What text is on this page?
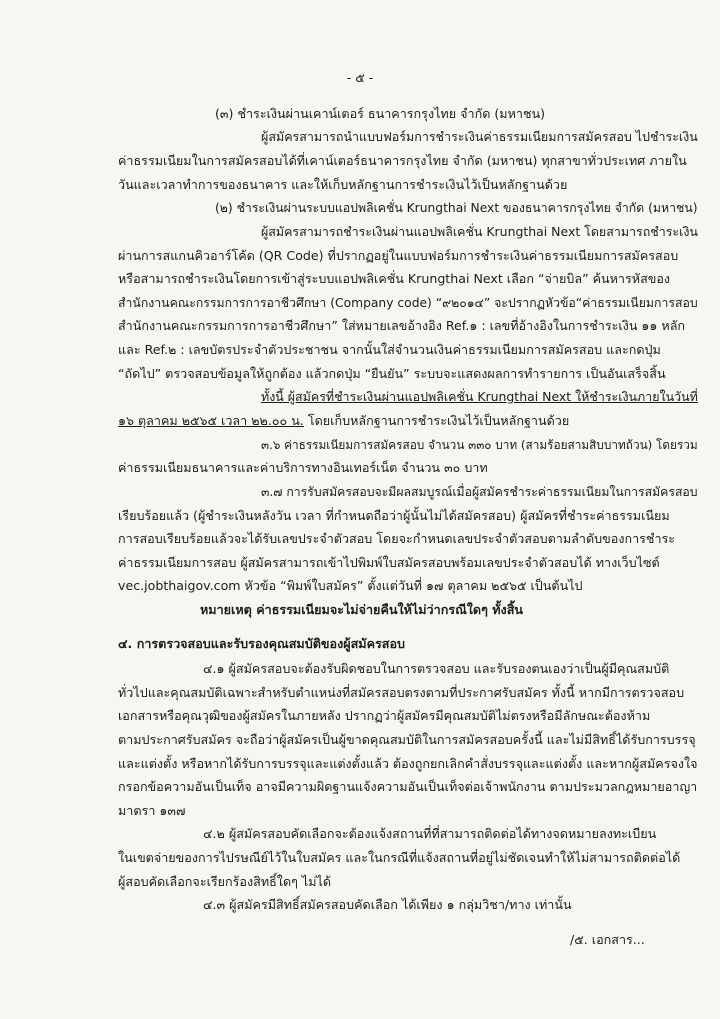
- ๕ -
(๓) ชำระเงินผ่านเคาน์เตอร์ ธนาคารกรุงไทย จำกัด (มหาชน)
ผู้สมัครสามารถนำแบบฟอร์มการชำระเงินค่าธรรมเนียมการสมัครสอบ ไปชำระเงิน
ค่าธรรมเนียมในการสมัครสอบได้ที่เคาน์เตอร์ธนาคารกรุงไทย จำกัด (มหาชน) ทุกสาขาทั่วประเทศ ภายใน
วันและเวลาทำการของธนาคาร และให้เก็บหลักฐานการชำระเงินไว้เป็นหลักฐานด้วย
(๒) ชำระเงินผ่านระบบแอปพลิเคชั่น Krungthai Next ของธนาคารกรุงไทย จำกัด (มหาชน)
ผู้สมัครสามารถชำระเงินผ่านแอปพลิเคชั่น Krungthai Next โดยสามารถชำระเงิน
ผ่านการสแกนคิวอาร์โค้ด (QR Code) ที่ปรากฏอยู่ในแบบฟอร์มการชำระเงินค่าธรรมเนียมการสมัครสอบ
หรือสามารถชำระเงินโดยการเข้าสู่ระบบแอปพลิเคชั่น Krungthai Next เลือก “จ่ายบิล” ค้นหารหัสของ
สำนักงานคณะกรรมการการอาชีวศึกษา (Company code) “๙๒๐๑๔” จะปรากฏหัวข้อ“ค่าธรรมเนียมการสอบ
สำนักงานคณะกรรมการการอาชีวศึกษา” ใส่หมายเลขอ้างอิง Ref.๑ : เลขที่อ้างอิงในการชำระเงิน ๑๑ หลัก
และ Ref.๒ : เลขบัตรประจำตัวประชาชน จากนั้นใส่จำนวนเงินค่าธรรมเนียมการสมัครสอบ และกดปุ่ม
“ถัดไป” ตรวจสอบข้อมูลให้ถูกต้อง แล้วกดปุ่ม “ยืนยัน” ระบบจะแสดงผลการทำรายการ เป็นอันเสร็จสิ้น
ทั้งนี้ ผู้สมัครที่ชำระเงินผ่านแอปพลิเคชั่น Krungthai Next ให้ชำระเงินภายในวันที่
๑๖ ตุลาคม ๒๕๖๕ เวลา ๒๒.๐๐ น. โดยเก็บหลักฐานการชำระเงินไว้เป็นหลักฐานด้วย
๓.๖ ค่าธรรมเนียมการสมัครสอบ จำนวน ๓๓๐ บาท (สามร้อยสามสิบบาทถ้วน) โดยรวม
ค่าธรรมเนียมธนาคารและค่าบริการทางอินเทอร์เน็ต จำนวน ๓๐ บาท
๓.๗ การรับสมัครสอบจะมีผลสมบูรณ์เมื่อผู้สมัครชำระค่าธรรมเนียมในการสมัครสอบ
เรียบร้อยแล้ว (ผู้ชำระเงินหลังวัน เวลา ที่กำหนดถือว่าผู้นั้นไม่ได้สมัครสอบ) ผู้สมัครที่ชำระค่าธรรมเนียม
การสอบเรียบร้อยแล้วจะได้รับเลขประจำตัวสอบ โดยจะกำหนดเลขประจำตัวสอบตามลำดับของการชำระ
ค่าธรรมเนียมการสอบ ผู้สมัครสามารถเข้าไปพิมพ์ใบสมัครสอบพร้อมเลขประจำตัวสอบได้ ทางเว็บไซต์
vec.jobthaigov.com หัวข้อ “พิมพ์ใบสมัคร” ตั้งแต่วันที่ ๑๗ ตุลาคม ๒๕๖๕ เป็นต้นไป
หมายเหตุ ค่าธรรมเนียมจะไม่จ่ายคืนให้ไม่ว่ากรณีใดๆ ทั้งสิ้น
๔. การตรวจสอบและรับรองคุณสมบัติของผู้สมัครสอบ
๔.๑ ผู้สมัครสอบจะต้องรับผิดชอบในการตรวจสอบ และรับรองตนเองว่าเป็นผู้มีคุณสมบัติ
ทั่วไปและคุณสมบัติเฉพาะสำหรับตำแหน่งที่สมัครสอบตรงตามที่ประกาศรับสมัคร ทั้งนี้ หากมีการตรวจสอบ
เอกสารหรือคุณวุฒิของผู้สมัครในภายหลัง ปรากฏว่าผู้สมัครมีคุณสมบัติไม่ตรงหรือมีลักษณะต้องห้าม
ตามประกาศรับสมัคร จะถือว่าผู้สมัครเป็นผู้ขาดคุณสมบัติในการสมัครสอบครั้งนี้ และไม่มีสิทธิ์ได้รับการบรรจุ
และแต่งตั้ง หรือหากได้รับการบรรจุและแต่งตั้งแล้ว ต้องถูกยกเลิกคำสั่งบรรจุและแต่งตั้ง และหากผู้สมัครจงใจ
กรอกข้อความอันเป็นเท็จ อาจมีความผิดฐานแจ้งความอันเป็นเท็จต่อเจ้าพนักงาน ตามประมวลกฎหมายอาญา
มาตรา ๑๓๗
๔.๒ ผู้สมัครสอบคัดเลือกจะต้องแจ้งสถานที่ที่สามารถติดต่อได้ทางจดหมายลงทะเบียน
ในเขตจ่ายของการไปรษณีย์ไว้ในใบสมัคร และในกรณีที่แจ้งสถานที่อยู่ไม่ชัดเจนทำให้ไม่สามารถติดต่อได้
ผู้สอบคัดเลือกจะเรียกร้องสิทธิ์ใดๆ ไม่ได้
๔.๓ ผู้สมัครมีสิทธิ์สมัครสอบคัดเลือก ได้เพียง ๑ กลุ่มวิชา/ทาง เท่านั้น
/๕. เอกสาร...
